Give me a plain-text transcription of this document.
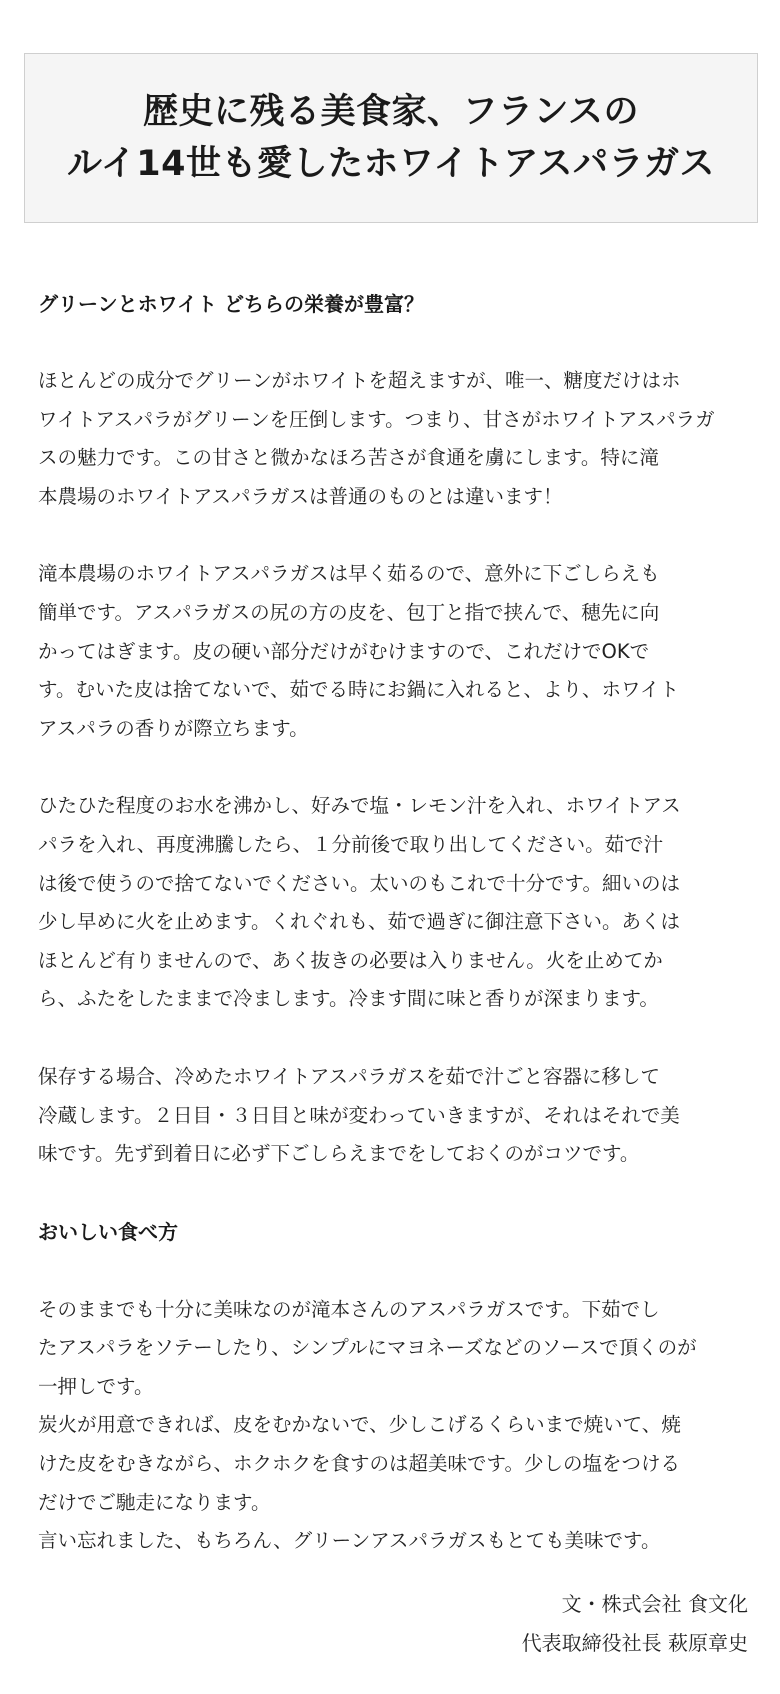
歴史に残る美食家、フランスの
ルイ14世も愛したホワイトアスパラガス
グリーンとホワイト どちらの栄養が豊富？

ほとんどの成分でグリーンがホワイトを超えますが、唯一、糖度だけはホ
ワイトアスパラがグリーンを圧倒します。つまり、甘さがホワイトアスパラガ
スの魅力です。この甘さと微かなほろ苦さが食通を虜にします。特に滝
本農場のホワイトアスパラガスは普通のものとは違います！

滝本農場のホワイトアスパラガスは早く茹るので、意外に下ごしらえも
簡単です。アスパラガスの尻の方の皮を、包丁と指で挟んで、穂先に向
かってはぎます。皮の硬い部分だけがむけますので、これだけでOKで
す。むいた皮は捨てないで、茹でる時にお鍋に入れると、より、ホワイト
アスパラの香りが際立ちます。

ひたひた程度のお水を沸かし、好みで塩・レモン汁を入れ、ホワイトアス
パラを入れ、再度沸騰したら、１分前後で取り出してください。茹で汁
は後で使うので捨てないでください。太いのもこれで十分です。細いのは
少し早めに火を止めます。くれぐれも、茹で過ぎに御注意下さい。あくは
ほとんど有りませんので、あく抜きの必要は入りません。火を止めてか
ら、ふたをしたままで冷まします。冷ます間に味と香りが深まります。

保存する場合、冷めたホワイトアスパラガスを茹で汁ごと容器に移して
冷蔵します。２日目・３日目と味が変わっていきますが、それはそれで美
味です。先ず到着日に必ず下ごしらえまでをしておくのがコツです。

おいしい食べ方

そのままでも十分に美味なのが滝本さんのアスパラガスです。下茹でし
たアスパラをソテーしたり、シンプルにマヨネーズなどのソースで頂くのが
一押しです。
炭火が用意できれば、皮をむかないで、少しこげるくらいまで焼いて、焼
けた皮をむきながら、ホクホクを食すのは超美味です。少しの塩をつける
だけでご馳走になります。
言い忘れました、もちろん、グリーンアスパラガスもとても美味です。

文・株式会社 食文化
代表取締役社長 萩原章史
